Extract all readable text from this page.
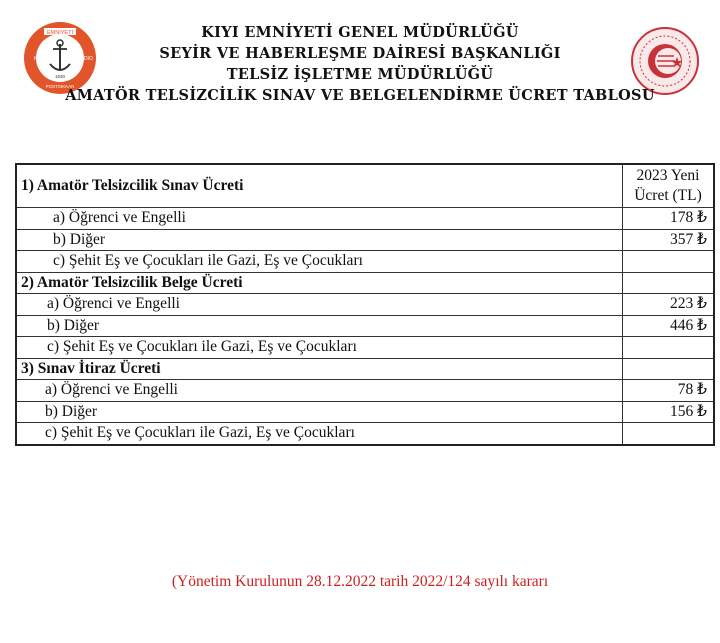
EMNİYETİ
KIYI	RADIO
POSTSIKKAN
1930
KIYI EMNİYETİ GENEL MÜDÜRLÜĞÜ
SEYİR VE HABERLEŞME DAİRESİ BAŞKANLIĞI
TELSİZ İŞLETME MÜDÜRLÜĞÜ
AMATÖR TELSİZCİLİK SINAV VE BELGELENDİRME ÜCRET TABLOSU
1) Amatör Telsizcilik Sınav Ücreti	2023 Yeni
Ücret (TL)

a) Öğrenci ve Engelli	178 ₺
b) Diğer	357 ₺
c) Şehit Eş ve Çocukları ile Gazi, Eş ve Çocukları	
2) Amatör Telsizcilik Belge Ücreti	
a) Öğrenci ve Engelli	223 ₺
b) Diğer	446 ₺
c) Şehit Eş ve Çocukları ile Gazi, Eş ve Çocukları	
3) Sınav İtiraz Ücreti	
a) Öğrenci ve Engelli	78 ₺
b) Diğer	156 ₺
c) Şehit Eş ve Çocukları ile Gazi, Eş ve Çocukları	
(Yönetim Kurulunun 28.12.2022 tarih 2022/124 sayılı kararı
